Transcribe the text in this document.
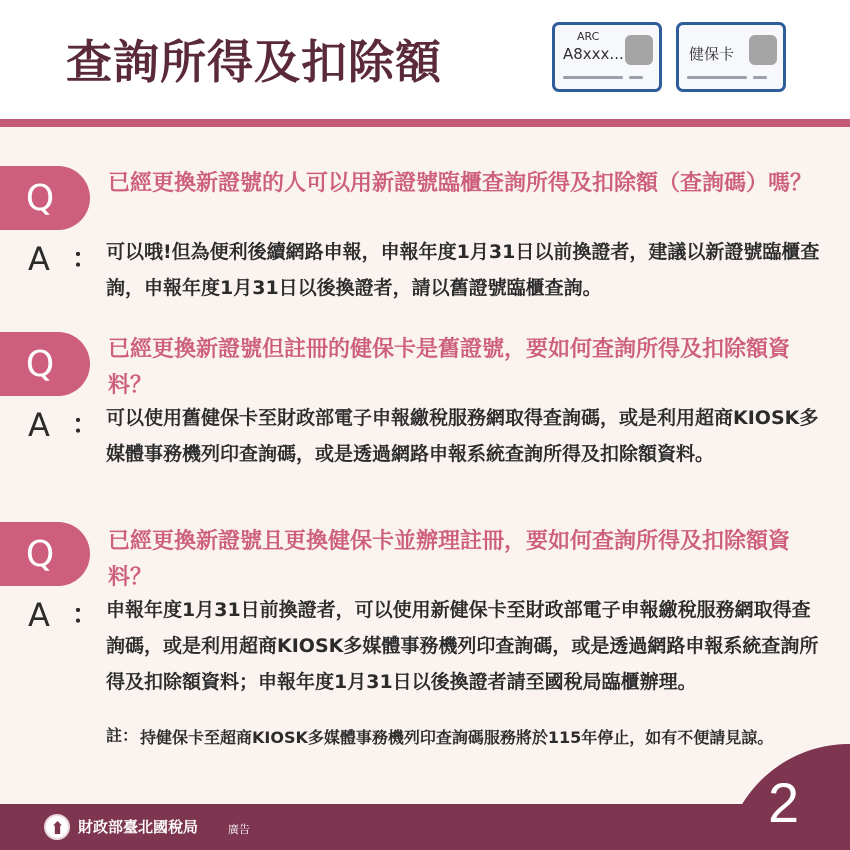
查詢所得及扣除額	ARC
A8xxx...	健保卡
Q 已經更換新證號的人可以用新證號臨櫃查詢所得及扣除額（查詢碼）嗎？
A ： 可以哦!但為便利後續網路申報，申報年度1月31日以前換證者，建議以新證號臨櫃查詢，申報年度1月31日以後換證者，請以舊證號臨櫃查詢。
Q 已經更換新證號但註冊的健保卡是舊證號，要如何查詢所得及扣除額資料？
A ： 可以使用舊健保卡至財政部電子申報繳稅服務網取得查詢碼，或是利用超商KIOSK多媒體事務機列印查詢碼，或是透過網路申報系統查詢所得及扣除額資料。
Q 已經更換新證號且更換健保卡並辦理註冊，要如何查詢所得及扣除額資料？
A ： 申報年度1月31日前換證者，可以使用新健保卡至財政部電子申報繳稅服務網取得查詢碼，或是利用超商KIOSK多媒體事務機列印查詢碼，或是透過網路申報系統查詢所得及扣除額資料；申報年度1月31日以後換證者請至國稅局臨櫃辦理。
註： 持健保卡至超商KIOSK多媒體事務機列印查詢碼服務將於115年停止，如有不便請見諒。
財政部臺北國稅局	廣告	2
